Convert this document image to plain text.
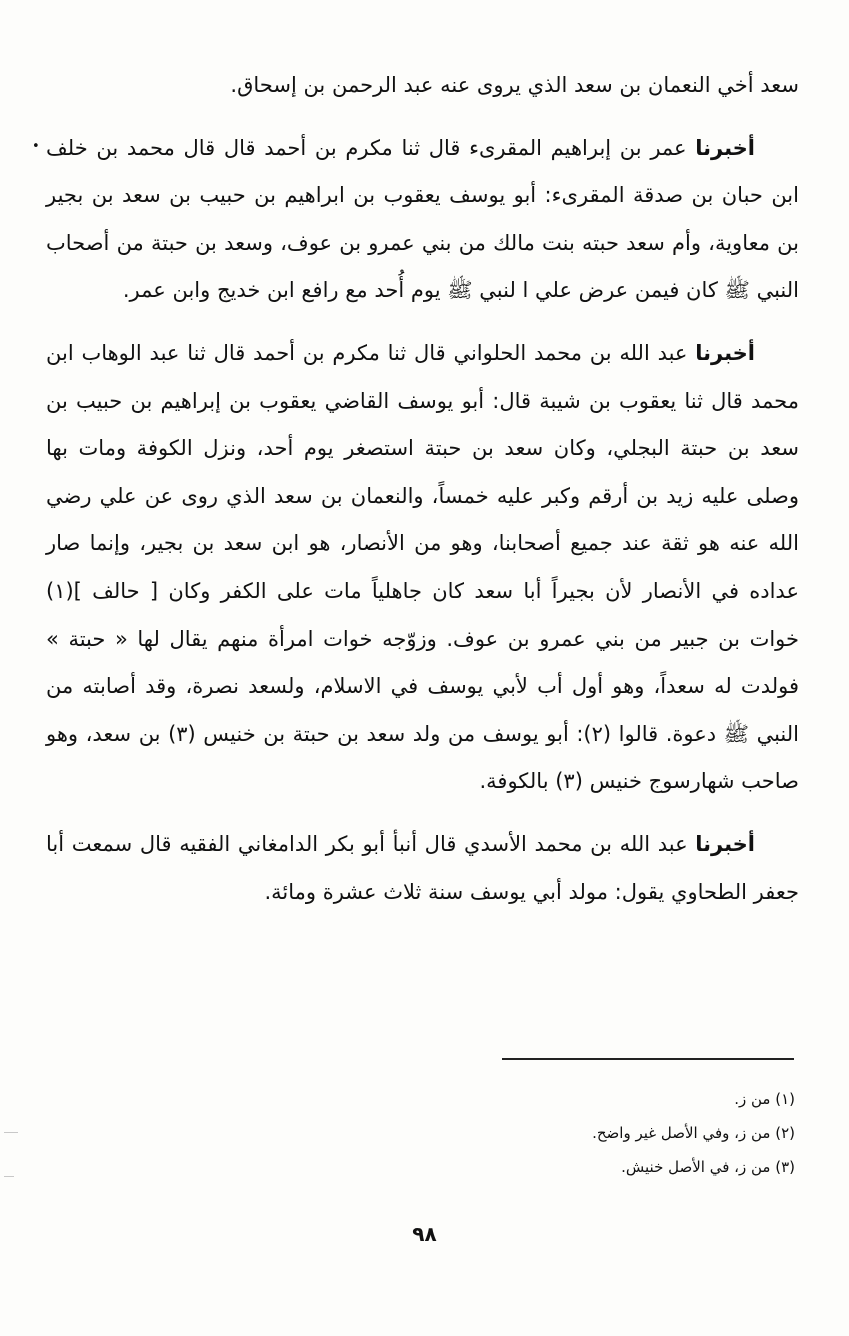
•

سعد أخي النعمان بن سعد الذي يروى عنه عبد الرحمن بن إسحاق.

أخبرنا عمر بن إبراهيم المقرىء قال ثنا مكرم بن أحمد قال قال محمد بن خلف ابن حبان بن صدقة المقرىء: أبو يوسف يعقوب بن ابراهيم بن حبيب بن سعد بن بجير بن معاوية، وأم سعد حبته بنت مالك من بني عمرو بن عوف، وسعد بن حبتة من أصحاب النبي ﷺ كان فيمن عرض علي ا لنبي ﷺ يوم أُحد مع رافع ابن خديج وابن عمر.

أخبرنا عبد الله بن محمد الحلواني قال ثنا مكرم بن أحمد قال ثنا عبد الوهاب ابن محمد قال ثنا يعقوب بن شيبة قال: أبو يوسف القاضي يعقوب بن إبراهيم بن حبيب بن سعد بن حبتة البجلي، وكان سعد بن حبتة استصغر يوم أحد، ونزل الكوفة ومات بها وصلى عليه زيد بن أرقم وكبر عليه خمساً، والنعمان بن سعد الذي روى عن علي رضي الله عنه هو ثقة عند جميع أصحابنا، وهو من الأنصار، هو ابن سعد بن بجير، وإنما صار عداده في الأنصار لأن بجيراً أبا سعد كان جاهلياً مات على الكفر وكان [ حالف ](١) خوات بن جبير من بني عمرو بن عوف. وزوّجه خوات امرأة منهم يقال لها « حبتة » فولدت له سعداً، وهو أول أب لأبي يوسف في الاسلام، ولسعد نصرة، وقد أصابته من النبي ﷺ دعوة. قالوا (٢): أبو يوسف من ولد سعد بن حبتة بن خنيس (٣) بن سعد، وهو صاحب شهارسوج خنيس (٣) بالكوفة.

أخبرنا عبد الله بن محمد الأسدي قال أنبأ أبو بكر الدامغاني الفقيه قال سمعت أبا جعفر الطحاوي يقول: مولد أبي يوسف سنة ثلاث عشرة ومائة.

(١) من ز.
(٢) من ز، وفي الأصل غير واضح.
(٣) من ز، في الأصل خنيش.
٩٨
